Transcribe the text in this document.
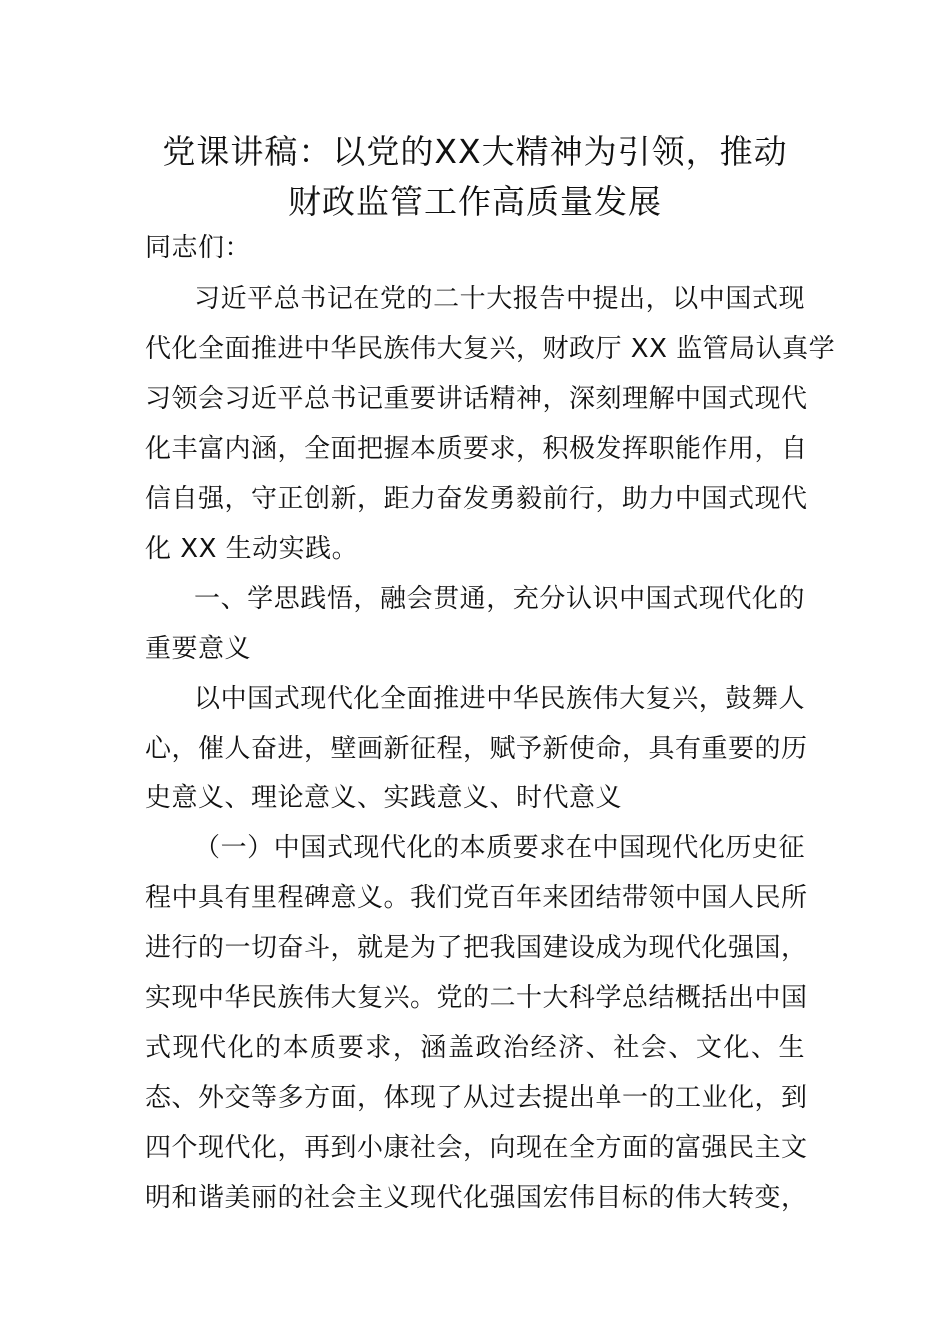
党课讲稿：以党的XX大精神为引领，推动
财政监管工作高质量发展
同志们：
习近平总书记在党的二十大报告中提出，以中国式现
代化全面推进中华民族伟大复兴，财政厅 XX 监管局认真学
习领会习近平总书记重要讲话精神，深刻理解中国式现代
化丰富内涵，全面把握本质要求，积极发挥职能作用，自
信自强，守正创新，距力奋发勇毅前行，助力中国式现代
化 XX 生动实践。
一、学思践悟，融会贯通，充分认识中国式现代化的
重要意义
以中国式现代化全面推进中华民族伟大复兴，鼓舞人
心，催人奋进，壁画新征程，赋予新使命，具有重要的历
史意义、理论意义、实践意义、时代意义
（一）中国式现代化的本质要求在中国现代化历史征
程中具有里程碑意义。我们党百年来团结带领中国人民所
进行的一切奋斗，就是为了把我国建设成为现代化强国，
实现中华民族伟大复兴。党的二十大科学总结概括出中国
式现代化的本质要求，涵盖政治经济、社会、文化、生
态、外交等多方面，体现了从过去提出单一的工业化，到
四个现代化，再到小康社会，向现在全方面的富强民主文
明和谐美丽的社会主义现代化强国宏伟目标的伟大转变，
